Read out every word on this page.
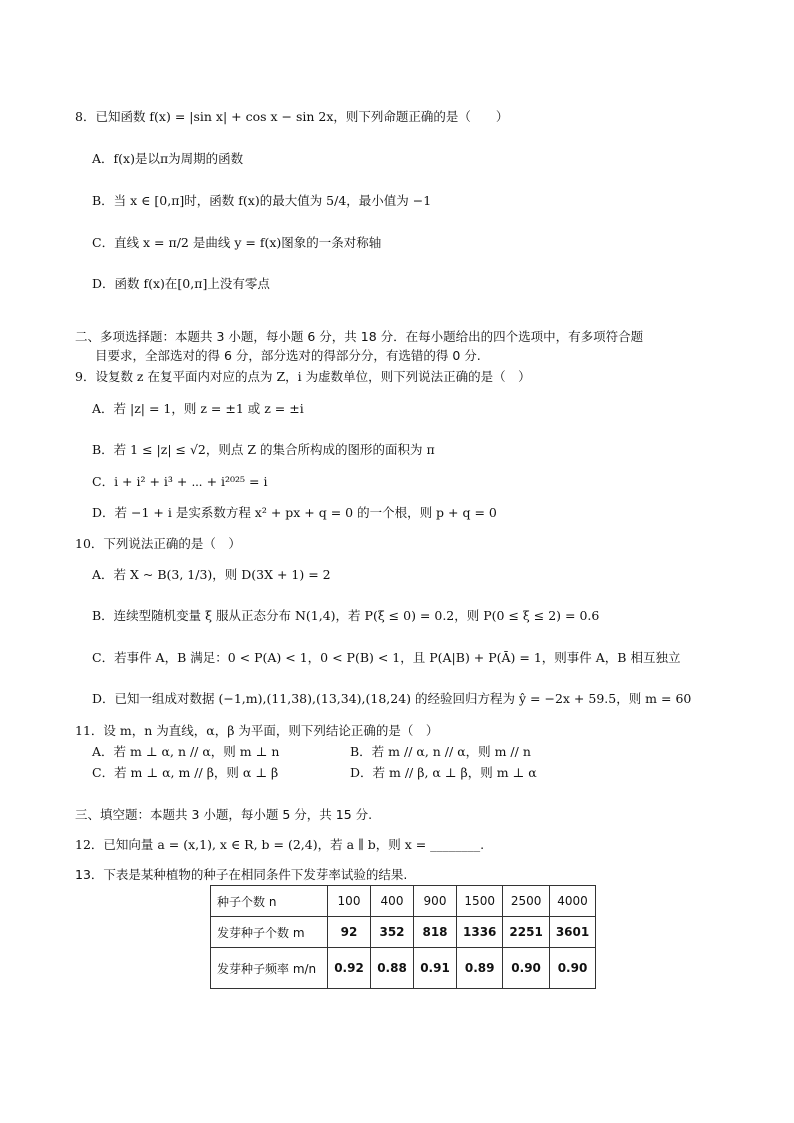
8．已知函数 f(x) = |sin x| + cos x − sin 2x，则下列命题正确的是（　　）
A．f(x)是以π为周期的函数
B．当 x ∈ [0,π]时，函数 f(x)的最大值为 5/4，最小值为 −1
C．直线 x = π/2 是曲线 y = f(x)图象的一条对称轴
D．函数 f(x)在[0,π]上没有零点
二、多项选择题：本题共 3 小题，每小题 6 分，共 18 分．在每小题给出的四个选项中，有多项符合题
目要求，全部选对的得 6 分，部分选对的得部分分，有选错的得 0 分.
9．设复数 z 在复平面内对应的点为 Z，i 为虚数单位，则下列说法正确的是（　）
A．若 |z| = 1，则 z = ±1 或 z = ±i
B．若 1 ≤ |z| ≤ √2，则点 Z 的集合所构成的图形的面积为 π
C．i + i² + i³ + ⋯ + i²⁰²⁵ = i
D．若 −1 + i 是实系数方程 x² + px + q = 0 的一个根，则 p + q = 0
10．下列说法正确的是（　）
A．若 X ~ B(3, 1/3)，则 D(3X + 1) = 2
B．连续型随机变量 ξ 服从正态分布 N(1,4)，若 P(ξ ≤ 0) = 0.2，则 P(0 ≤ ξ ≤ 2) = 0.6
C．若事件 A，B 满足：0 < P(A) < 1，0 < P(B) < 1，且 P(A|B) + P(Ā) = 1，则事件 A，B 相互独立
D．已知一组成对数据 (−1,m),(11,38),(13,34),(18,24) 的经验回归方程为 ŷ = −2x + 59.5，则 m = 60
11．设 m，n 为直线，α，β 为平面，则下列结论正确的是（　）
A．若 m ⊥ α, n // α，则 m ⊥ n	B．若 m // α, n // α，则 m // n
C．若 m ⊥ α, m // β，则 α ⊥ β	D．若 m // β, α ⊥ β，则 m ⊥ α
三、填空题：本题共 3 小题，每小题 5 分，共 15 分.
12．已知向量 a = (x,1), x ∈ R, b = (2,4)，若 a ∥ b，则 x = ________.
13．下表是某种植物的种子在相同条件下发芽率试验的结果.
种子个数 n	100	400	900	1500	2500	4000
发芽种子个数 m	92	352	818	1336	2251	3601
发芽种子频率 m/n	0.92	0.88	0.91	0.89	0.90	0.90
